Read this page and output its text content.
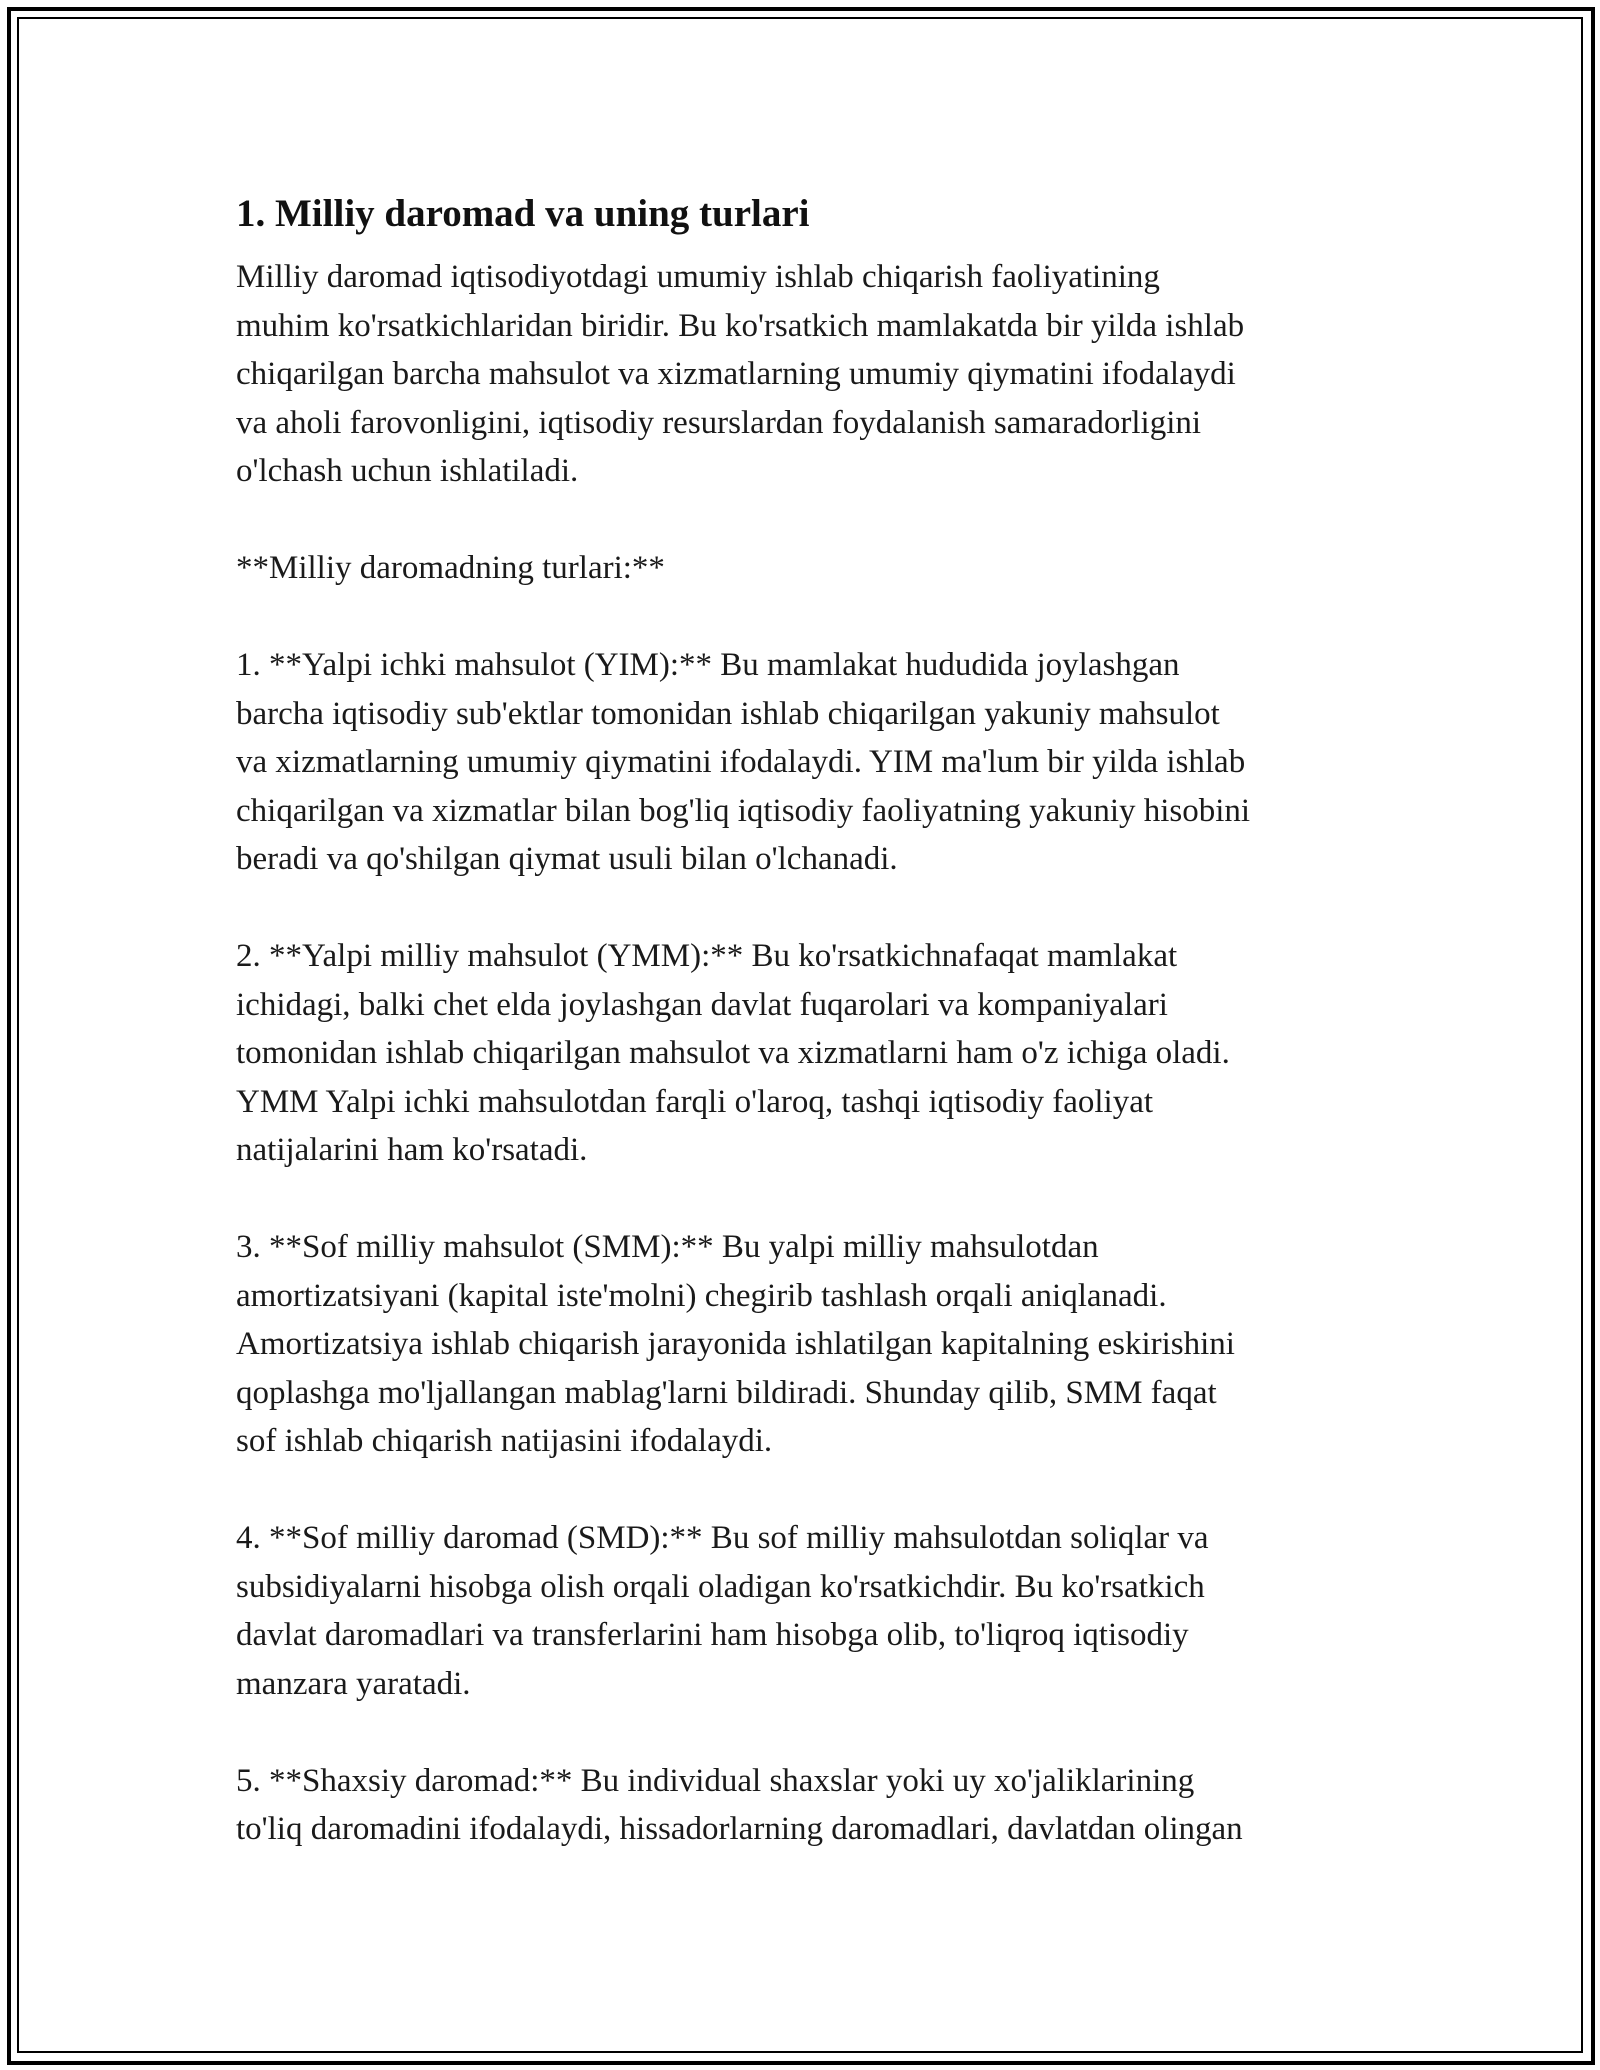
1. Milliy daromad va uning turlari

Milliy daromad iqtisodiyotdagi umumiy ishlab chiqarish faoliyatining
muhim ko'rsatkichlaridan biridir. Bu ko'rsatkich mamlakatda bir yilda ishlab
chiqarilgan barcha mahsulot va xizmatlarning umumiy qiymatini ifodalaydi
va aholi farovonligini, iqtisodiy resurslardan foydalanish samaradorligini
o'lchash uchun ishlatiladi.

**Milliy daromadning turlari:**

1. **Yalpi ichki mahsulot (YIM):** Bu mamlakat hududida joylashgan
barcha iqtisodiy sub'ektlar tomonidan ishlab chiqarilgan yakuniy mahsulot
va xizmatlarning umumiy qiymatini ifodalaydi. YIM ma'lum bir yilda ishlab
chiqarilgan va xizmatlar bilan bog'liq iqtisodiy faoliyatning yakuniy hisobini
beradi va qo'shilgan qiymat usuli bilan o'lchanadi.

2. **Yalpi milliy mahsulot (YMM):** Bu ko'rsatkichnafaqat mamlakat
ichidagi, balki chet elda joylashgan davlat fuqarolari va kompaniyalari
tomonidan ishlab chiqarilgan mahsulot va xizmatlarni ham o'z ichiga oladi.
YMM Yalpi ichki mahsulotdan farqli o'laroq, tashqi iqtisodiy faoliyat
natijalarini ham ko'rsatadi.

3. **Sof milliy mahsulot (SMM):** Bu yalpi milliy mahsulotdan
amortizatsiyani (kapital iste'molni) chegirib tashlash orqali aniqlanadi.
Amortizatsiya ishlab chiqarish jarayonida ishlatilgan kapitalning eskirishini
qoplashga mo'ljallangan mablag'larni bildiradi. Shunday qilib, SMM faqat
sof ishlab chiqarish natijasini ifodalaydi.

4. **Sof milliy daromad (SMD):** Bu sof milliy mahsulotdan soliqlar va
subsidiyalarni hisobga olish orqali oladigan ko'rsatkichdir. Bu ko'rsatkich
davlat daromadlari va transferlarini ham hisobga olib, to'liqroq iqtisodiy
manzara yaratadi.

5. **Shaxsiy daromad:** Bu individual shaxslar yoki uy xo'jaliklarining
to'liq daromadini ifodalaydi, hissadorlarning daromadlari, davlatdan olingan
